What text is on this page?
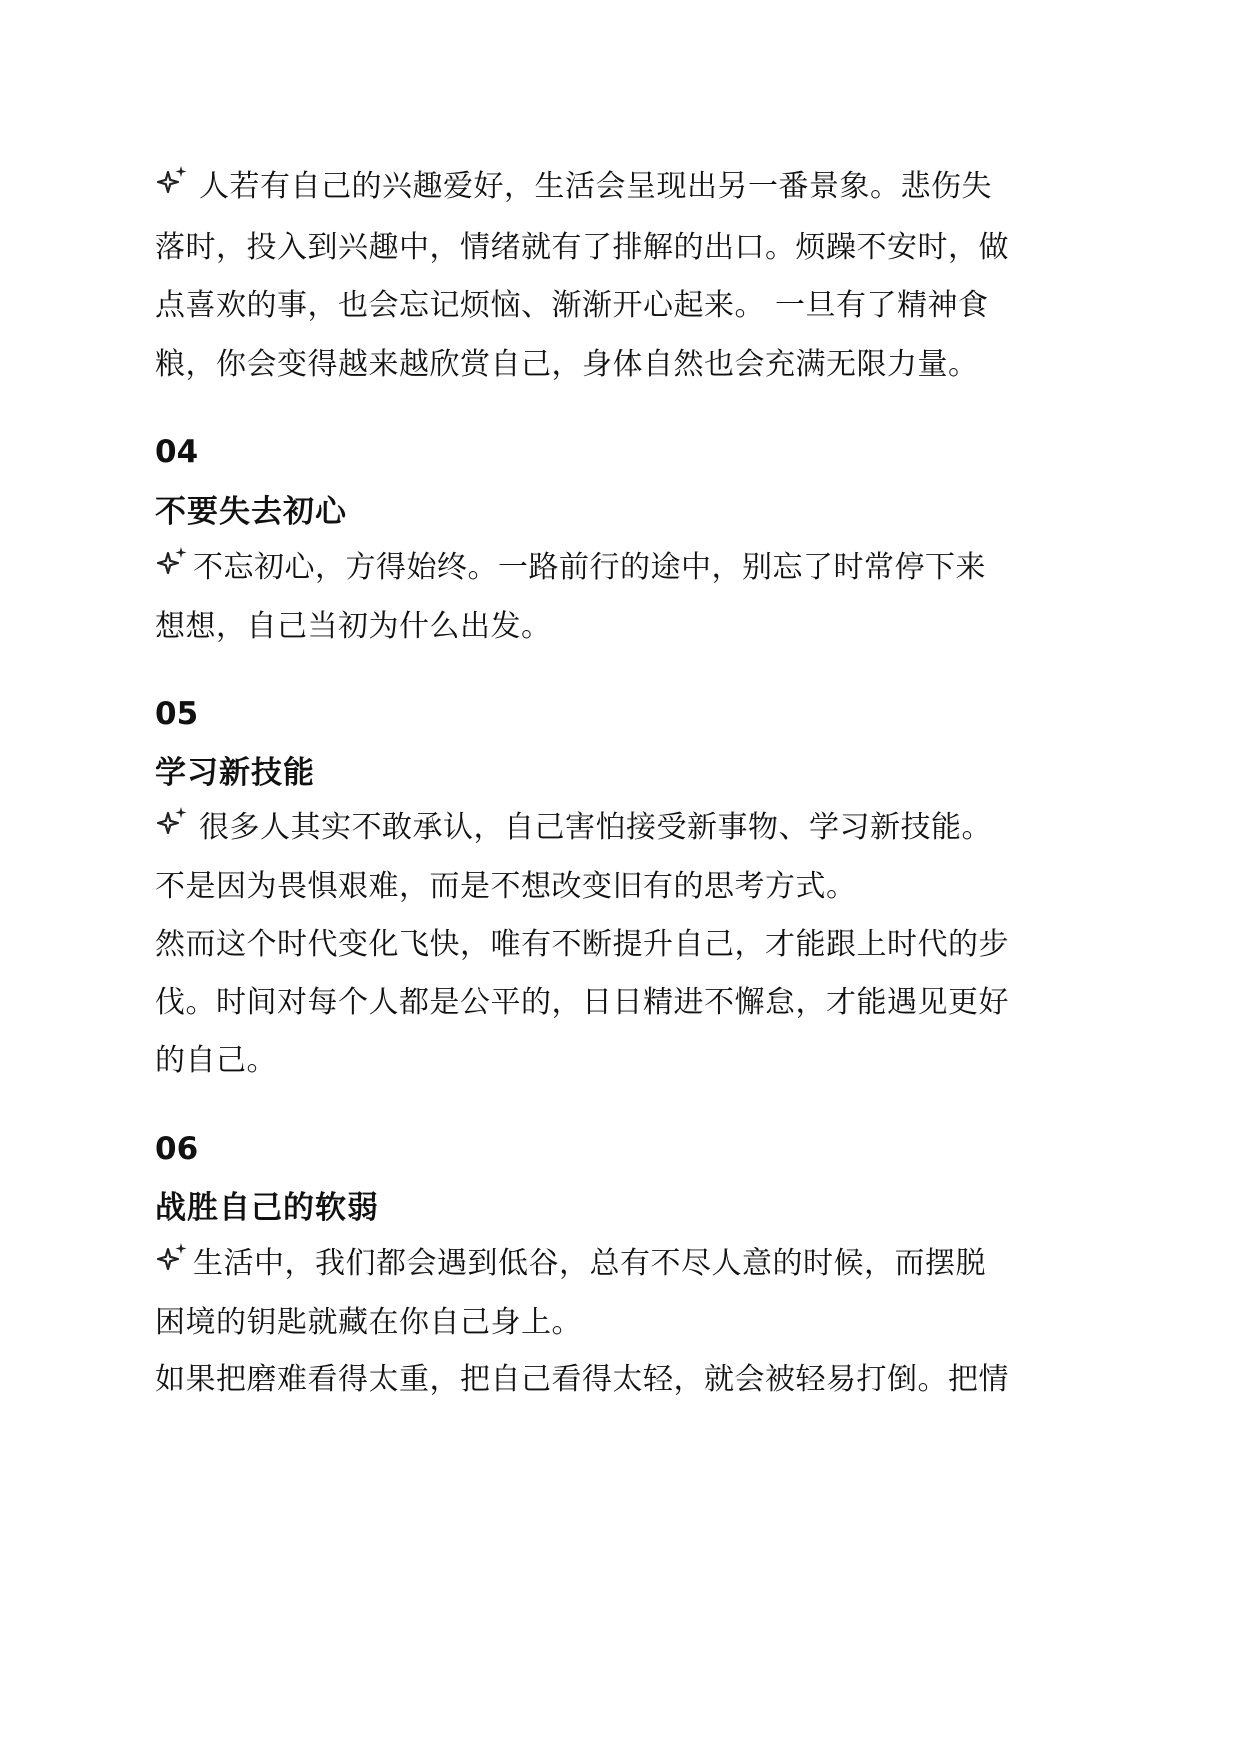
人若有自己的兴趣爱好，生活会呈现出另一番景象。悲伤失
落时，投入到兴趣中，情绪就有了排解的出口。烦躁不安时，做
点喜欢的事，也会忘记烦恼、渐渐开心起来。 一旦有了精神食
粮，你会变得越来越欣赏自己，身体自然也会充满无限力量。
04
不要失去初心
不忘初心，方得始终。一路前行的途中，别忘了时常停下来
想想，自己当初为什么出发。
05
学习新技能
很多人其实不敢承认，自己害怕接受新事物、学习新技能。
不是因为畏惧艰难，而是不想改变旧有的思考方式。
然而这个时代变化飞快，唯有不断提升自己，才能跟上时代的步
伐。时间对每个人都是公平的，日日精进不懈怠，才能遇见更好
的自己。
06
战胜自己的软弱
生活中，我们都会遇到低谷，总有不尽人意的时候，而摆脱
困境的钥匙就藏在你自己身上。
如果把磨难看得太重，把自己看得太轻，就会被轻易打倒。把情
